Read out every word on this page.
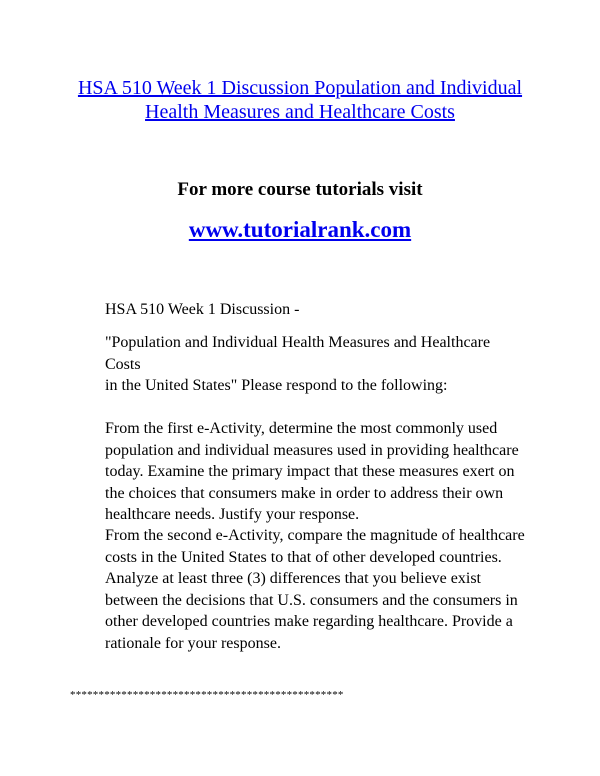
HSA 510 Week 1 Discussion Population and Individual
Health Measures and Healthcare Costs
For more course tutorials visit
www.tutorialrank.com
HSA 510 Week 1 Discussion -
"Population and Individual Health Measures and Healthcare Costs
in the United States" Please respond to the following:
From the first e-Activity, determine the most commonly used
population and individual measures used in providing healthcare
today. Examine the primary impact that these measures exert on
the choices that consumers make in order to address their own
healthcare needs. Justify your response.
From the second e-Activity, compare the magnitude of healthcare
costs in the United States to that of other developed countries.
Analyze at least three (3) differences that you believe exist
between the decisions that U.S. consumers and the consumers in
other developed countries make regarding healthcare. Provide a
rationale for your response.
************************************************
